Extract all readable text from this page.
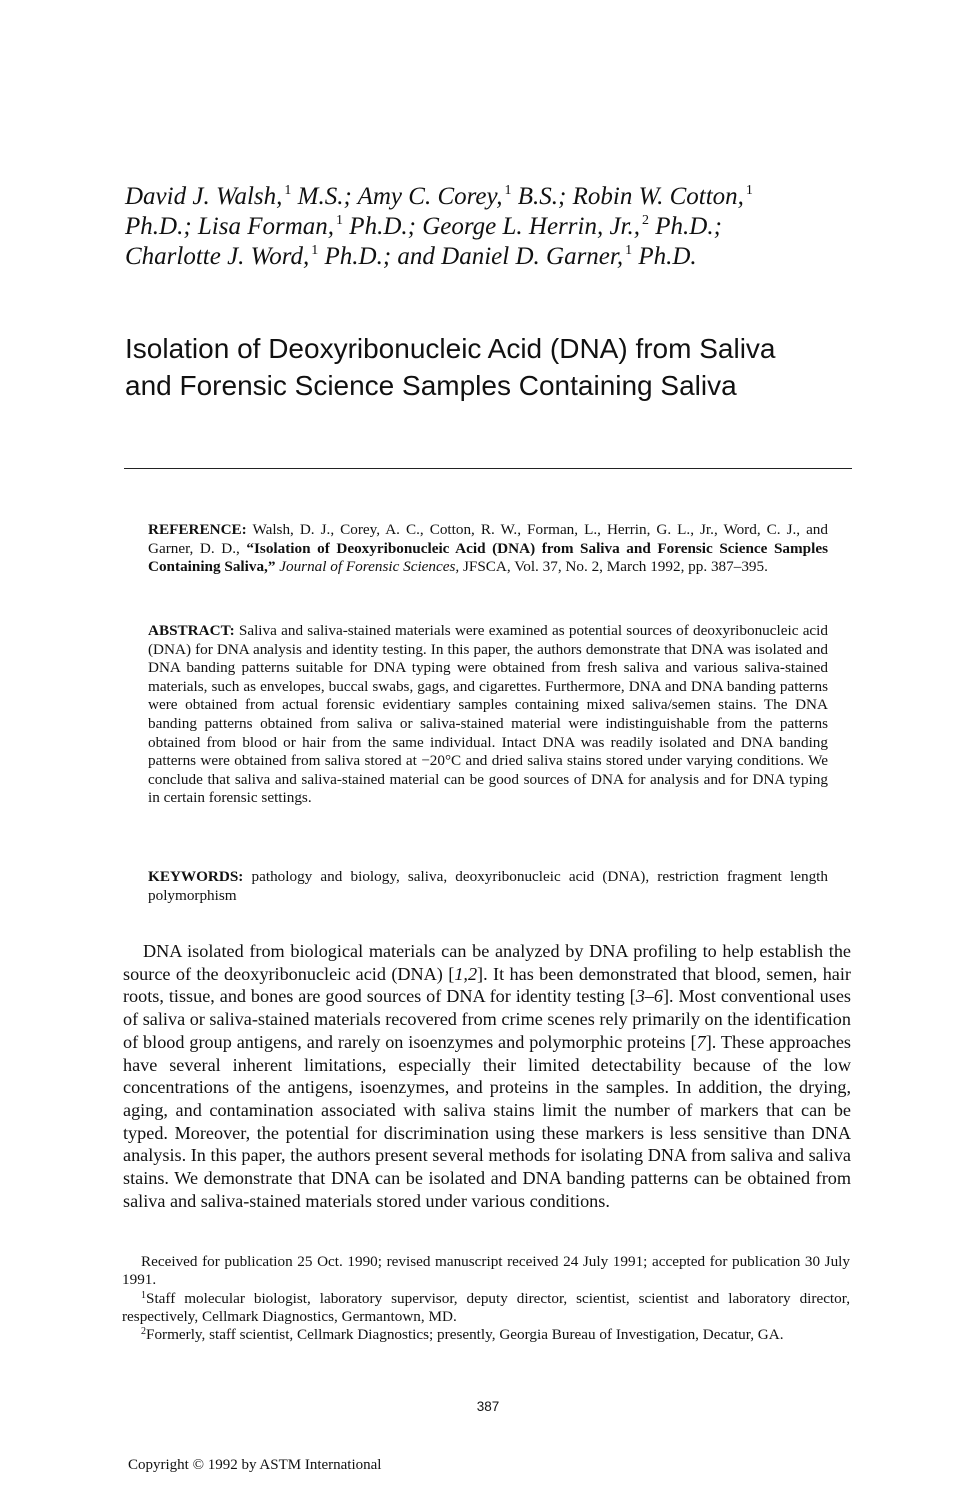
David J. Walsh, $^1$ M.S.; Amy C. Corey, $^1$ B.S.; Robin W. Cotton, $^1$
Ph.D.; Lisa Forman, $^1$ Ph.D.; George L. Herrin, Jr., $^2$ Ph.D.;
Charlotte J. Word, $^1$ Ph.D.; and Daniel D. Garner, $^1$ Ph.D.
Isolation of Deoxyribonucleic Acid (DNA) from Saliva
and Forensic Science Samples Containing Saliva
REFERENCE: Walsh, D. J., Corey, A. C., Cotton, R. W., Forman, L., Herrin, G. L., Jr., Word, C. J., and Garner, D. D., “Isolation of Deoxyribonucleic Acid (DNA) from Saliva and Forensic Science Samples Containing Saliva,” Journal of Forensic Sciences, JFSCA, Vol. 37, No. 2, March 1992, pp. 387–395.
ABSTRACT: Saliva and saliva-stained materials were examined as potential sources of deoxyribonucleic acid (DNA) for DNA analysis and identity testing. In this paper, the authors demonstrate that DNA was isolated and DNA banding patterns suitable for DNA typing were obtained from fresh saliva and various saliva-stained materials, such as envelopes, buccal swabs, gags, and cigarettes. Furthermore, DNA and DNA banding patterns were obtained from actual forensic evidentiary samples containing mixed saliva/semen stains. The DNA banding patterns obtained from saliva or saliva-stained material were indistinguishable from the patterns obtained from blood or hair from the same individual. Intact DNA was readily isolated and DNA banding patterns were obtained from saliva stored at −20°C and dried saliva stains stored under varying conditions. We conclude that saliva and saliva-stained material can be good sources of DNA for analysis and for DNA typing in certain forensic settings.
KEYWORDS: pathology and biology, saliva, deoxyribonucleic acid (DNA), restriction fragment length polymorphism

DNA isolated from biological materials can be analyzed by DNA profiling to help establish the source of the deoxyribonucleic acid (DNA) [1,2]. It has been demonstrated that blood, semen, hair roots, tissue, and bones are good sources of DNA for identity testing [3–6]. Most conventional uses of saliva or saliva-stained materials recovered from crime scenes rely primarily on the identification of blood group antigens, and rarely on isoenzymes and polymorphic proteins [7]. These approaches have several inherent limitations, especially their limited detectability because of the low concentrations of the antigens, isoenzymes, and proteins in the samples. In addition, the drying, aging, and contamination associated with saliva stains limit the number of markers that can be typed. Moreover, the potential for discrimination using these markers is less sensitive than DNA analysis. In this paper, the authors present several methods for isolating DNA from saliva and saliva stains. We demonstrate that DNA can be isolated and DNA banding patterns can be obtained from saliva and saliva-stained materials stored under various conditions.

Received for publication 25 Oct. 1990; revised manuscript received 24 July 1991; accepted for publication 30 July 1991.

$^1$Staff molecular biologist, laboratory supervisor, deputy director, scientist, scientist and laboratory director, respectively, Cellmark Diagnostics, Germantown, MD.

$^2$Formerly, staff scientist, Cellmark Diagnostics; presently, Georgia Bureau of Investigation, Decatur, GA.

387
Copyright © 1992 by ASTM International
